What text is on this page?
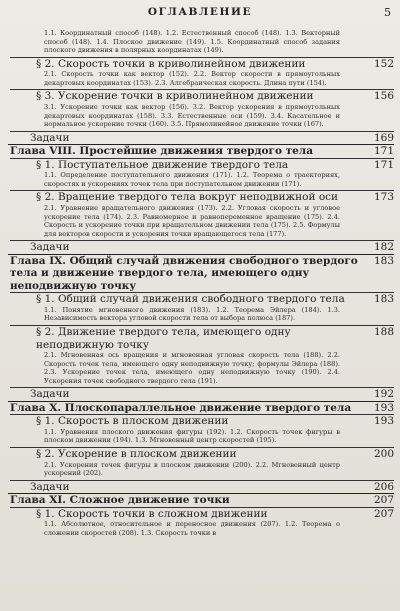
ОГЛАВЛЕНИЕ	5
1.1. Координатный способ (148). 1.2. Естественный способ (148). 1.3. Векторный способ (148). 1.4. Плоское движение (149). 1.5. Координатный способ задания плоского движения в полярных координатах (149).
§ 2. Скорость точки в криволинейном движении	152
2.1. Скорость точки как вектор (152). 2.2. Вектор скорости в прямоугольных декартовых координатах (153). 2.3. Алгебраическая скорость. Длина пути (154).
§ 3. Ускорение точки в криволинейном движении	156
3.1. Ускорение точки как вектор (156). 3.2. Вектор ускорения в прямоугольных декартовых координатах (158). 3.3. Естественные оси (159). 3.4. Касательное и нормальное ускорение точки (160). 3.5. Прямолинейное движение точки (167).
Задачи	169
Глава VIII. Простейшие движения твердого тела	171
§ 1. Поступательное движение твердого тела	171
1.1. Определение поступательного движения (171). 1.2. Теорема о траекториях, скоростях и ускорениях точек тела при поступательном движении (171).
§ 2. Вращение твердого тела вокруг неподвижной оси	173
2.1. Уравнение вращательного движения (173). 2.2. Угловая скорость и угловое ускорение тела (174). 2.3. Равномерное и равнопеременное вращение (175). 2.4. Скорость и ускорение точки при вращательном движении тела (175). 2.5. Формулы для векторов скорости и ускорения точки вращающегося тела (177).
Задачи	182
Глава IX. Общий случай движения свободного твердого тела и движение твердого тела, имеющего одну неподвижную точку
183
§ 1. Общий случай движения свободного твердого тела	183
1.1. Понятие мгновенного движения (183). 1.2. Теорема Эйлера (184). 1.3. Независимость вектора угловой скорости тела от выбора полюса (187).
§ 2. Движение твердого тела, имеющего одну неподвижную точку
188
2.1. Мгновенная ось вращения и мгновенная угловая скорость тела (188). 2.2. Скорость точек тела, имеющего одну неподвижную точку; формулы Эйлера (188). 2.3. Ускорение точек тела, имеющего одну неподвижную точку (190). 2.4. Ускорения точек свободного твердого тела (191).
Задачи	192
Глава X. Плоскопараллельное движение твердого тела	193
§ 1. Скорость в плоском движении	193
1.1. Уравнения плоского движения фигуры (192). 1.2. Скорость точек фигуры в плоском движении (194). 1.3. Мгновенный центр скоростей (195).
§ 2. Ускорение в плоском движении	200
2.1. Ускорения точек фигуры в плоском движении (200). 2.2. Мгновенный центр ускорений (202).
Задачи	206
Глава XI. Сложное движение точки	207
§ 1. Скорость точки в сложном движении	207
1.1. Абсолютное, относительное и переносное движения (207). 1.2. Теорема о сложении скоростей (208). 1.3. Скорость точки в
